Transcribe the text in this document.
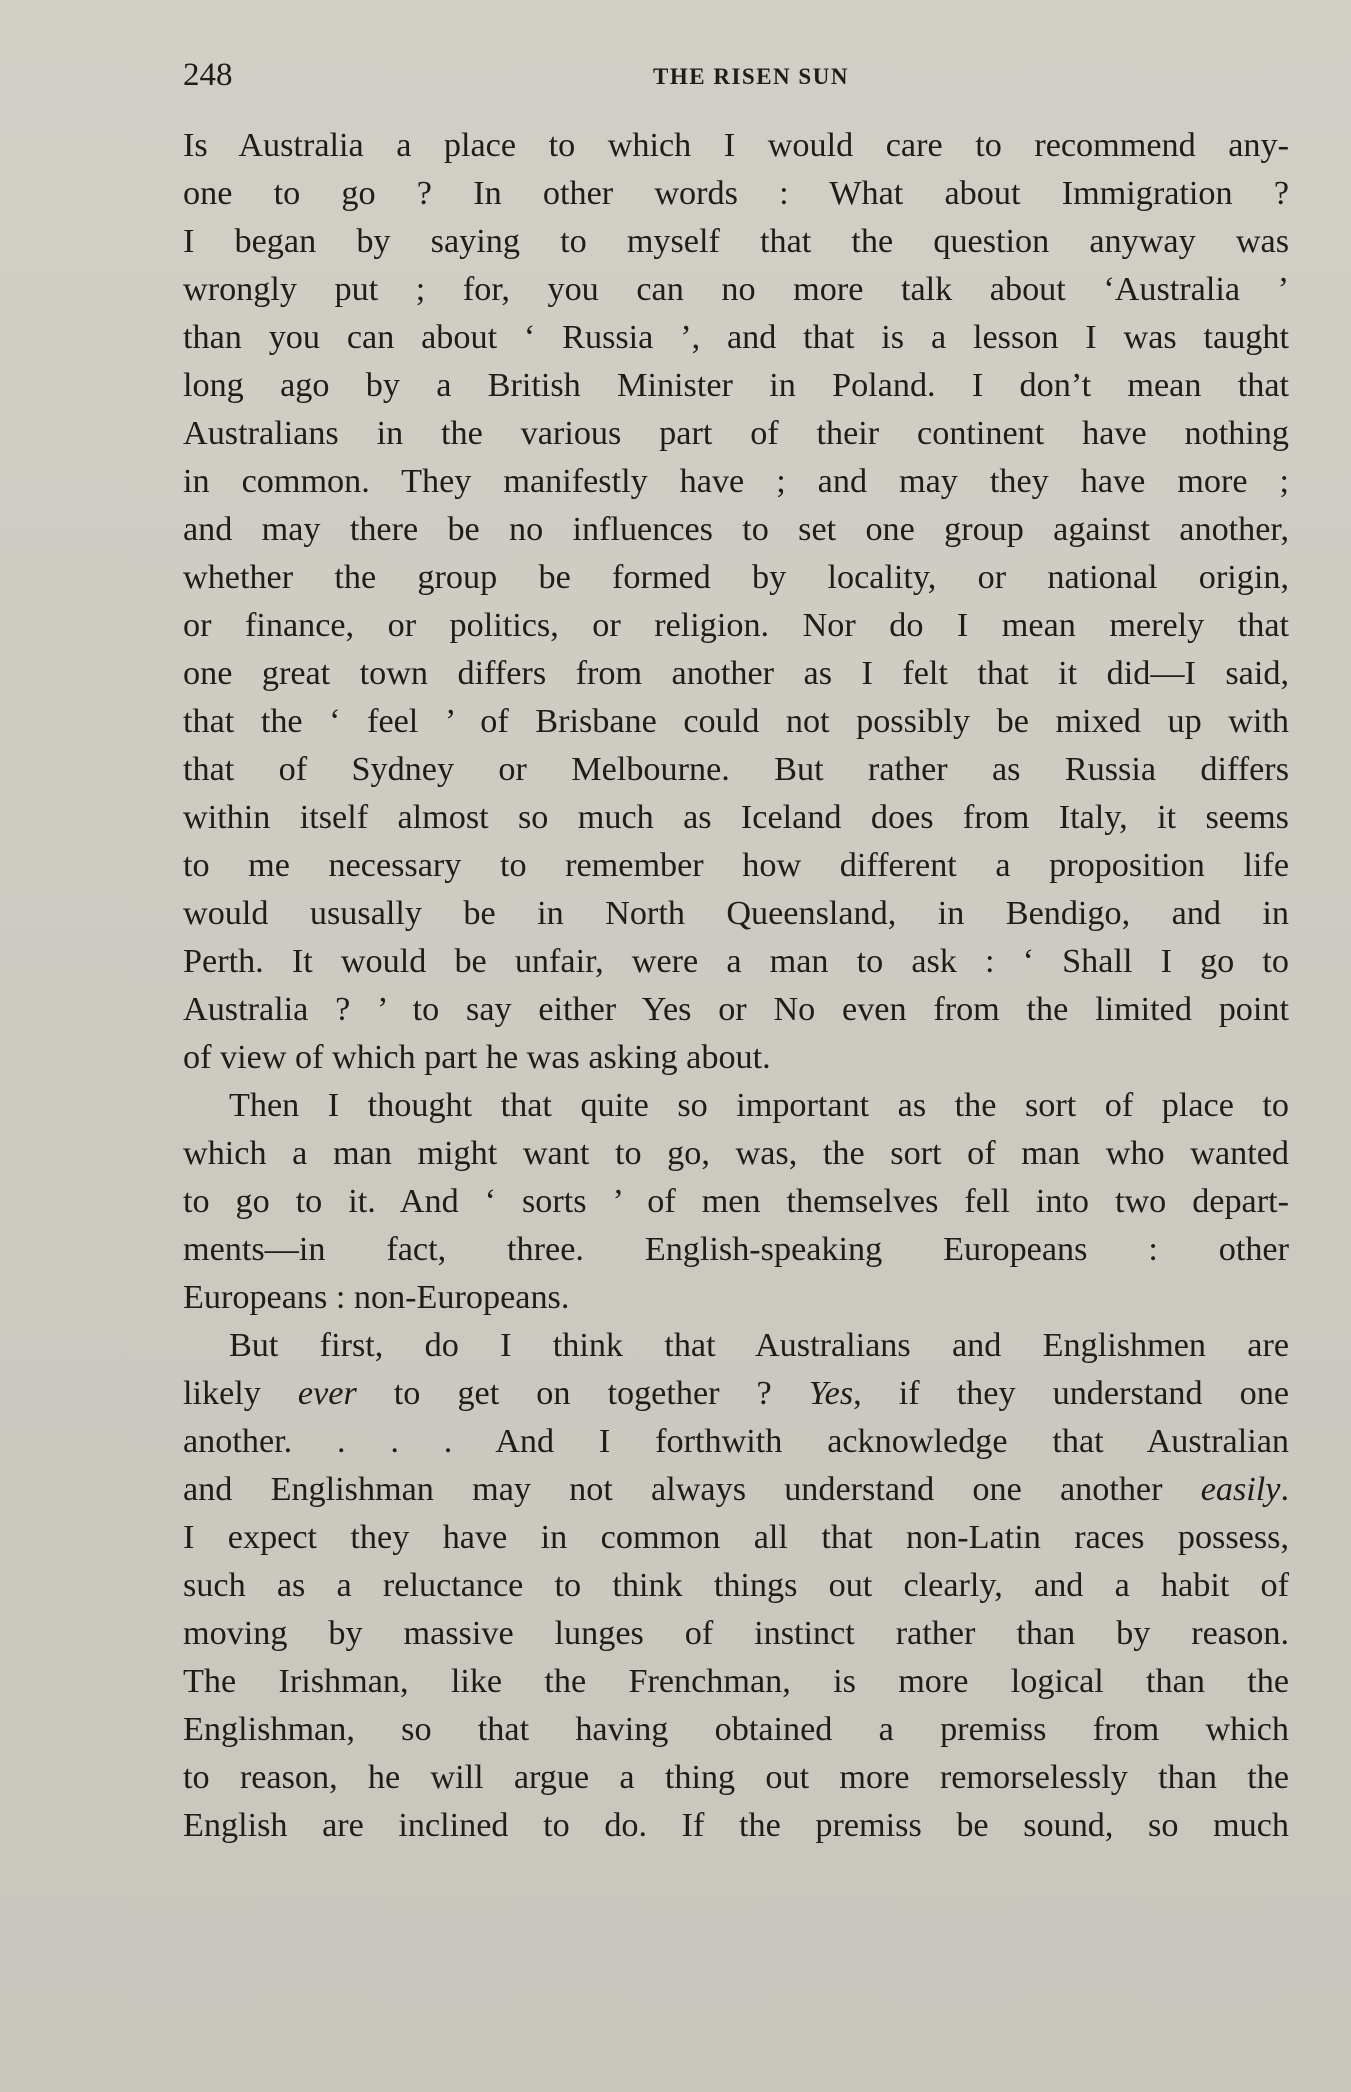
248	THE RISEN SUN
Is Australia a place to which I would care to recommend any-
one to go ? In other words : What about Immigration ?
I began by saying to myself that the question anyway was
wrongly put ; for, you can no more talk about ‘Australia ’
than you can about ‘ Russia ’, and that is a lesson I was taught
long ago by a British Minister in Poland. I don’t mean that
Australians in the various part of their continent have nothing
in common. They manifestly have ; and may they have more ;
and may there be no influences to set one group against another,
whether the group be formed by locality, or national origin,
or finance, or politics, or religion. Nor do I mean merely that
one great town differs from another as I felt that it did—I said,
that the ‘ feel ’ of Brisbane could not possibly be mixed up with
that of Sydney or Melbourne. But rather as Russia differs
within itself almost so much as Iceland does from Italy, it seems
to me necessary to remember how different a proposition life
would ususally be in North Queensland, in Bendigo, and in
Perth. It would be unfair, were a man to ask : ‘ Shall I go to
Australia ? ’ to say either Yes or No even from the limited point
of view of which part he was asking about.
Then I thought that quite so important as the sort of place to
which a man might want to go, was, the sort of man who wanted
to go to it. And ‘ sorts ’ of men themselves fell into two depart-
ments—in fact, three. English-speaking Europeans : other
Europeans : non-Europeans.
But first, do I think that Australians and Englishmen are
likely ever to get on together ? Yes, if they understand one
another. . . . And I forthwith acknowledge that Australian
and Englishman may not always understand one another easily.
I expect they have in common all that non-Latin races possess,
such as a reluctance to think things out clearly, and a habit of
moving by massive lunges of instinct rather than by reason.
The Irishman, like the Frenchman, is more logical than the
Englishman, so that having obtained a premiss from which
to reason, he will argue a thing out more remorselessly than the
English are inclined to do. If the premiss be sound, so much
